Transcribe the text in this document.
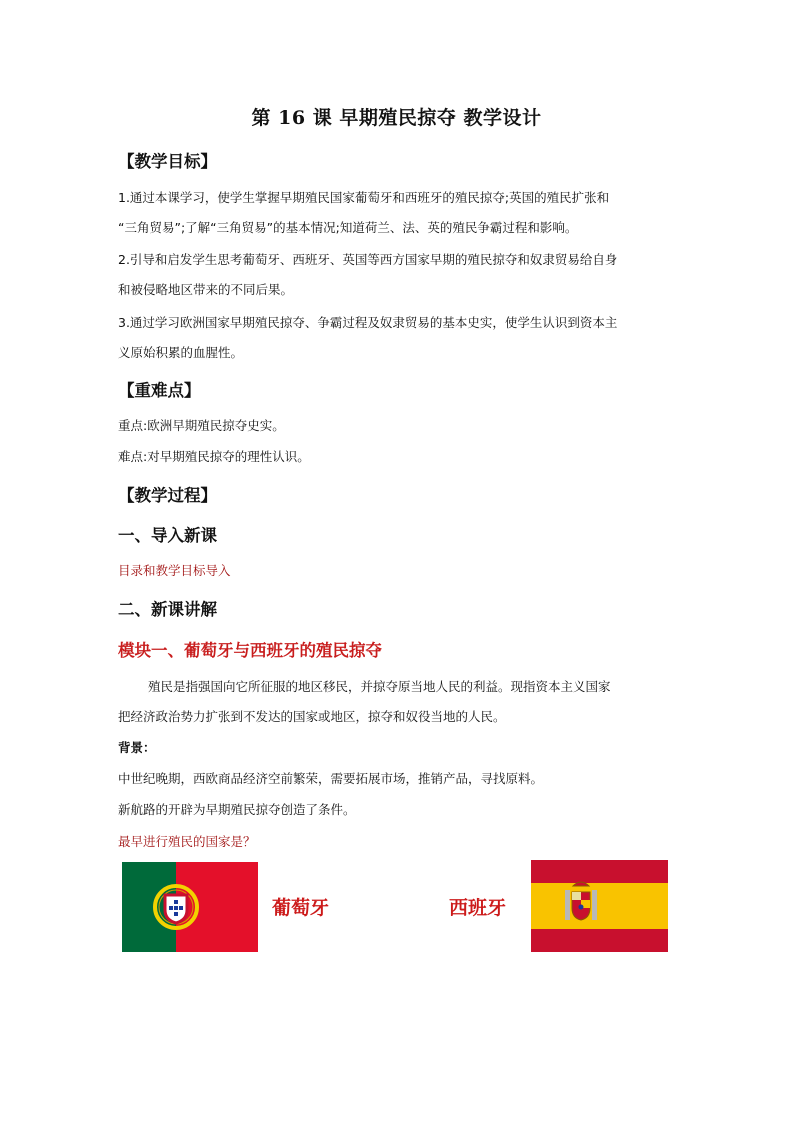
第 16 课 早期殖民掠夺 教学设计
【教学目标】
1.通过本课学习，使学生掌握早期殖民国家葡萄牙和西班牙的殖民掠夺;英国的殖民扩张和
“三角贸易”;了解“三角贸易”的基本情况;知道荷兰、法、英的殖民争霸过程和影响。
2.引导和启发学生思考葡萄牙、西班牙、英国等西方国家早期的殖民掠夺和奴隶贸易给自身
和被侵略地区带来的不同后果。
3.通过学习欧洲国家早期殖民掠夺、争霸过程及奴隶贸易的基本史实，使学生认识到资本主
义原始积累的血腥性。
【重难点】
重点:欧洲早期殖民掠夺史实。
难点:对早期殖民掠夺的理性认识。
【教学过程】
一、导入新课
目录和教学目标导入
二、新课讲解
模块一、葡萄牙与西班牙的殖民掠夺
殖民是指强国向它所征服的地区移民，并掠夺原当地人民的利益。现指资本主义国家
把经济政治势力扩张到不发达的国家或地区，掠夺和奴役当地的人民。
背景：
中世纪晚期，西欧商品经济空前繁荣，需要拓展市场，推销产品，寻找原料。
新航路的开辟为早期殖民掠夺创造了条件。
最早进行殖民的国家是？
葡萄牙	西班牙
